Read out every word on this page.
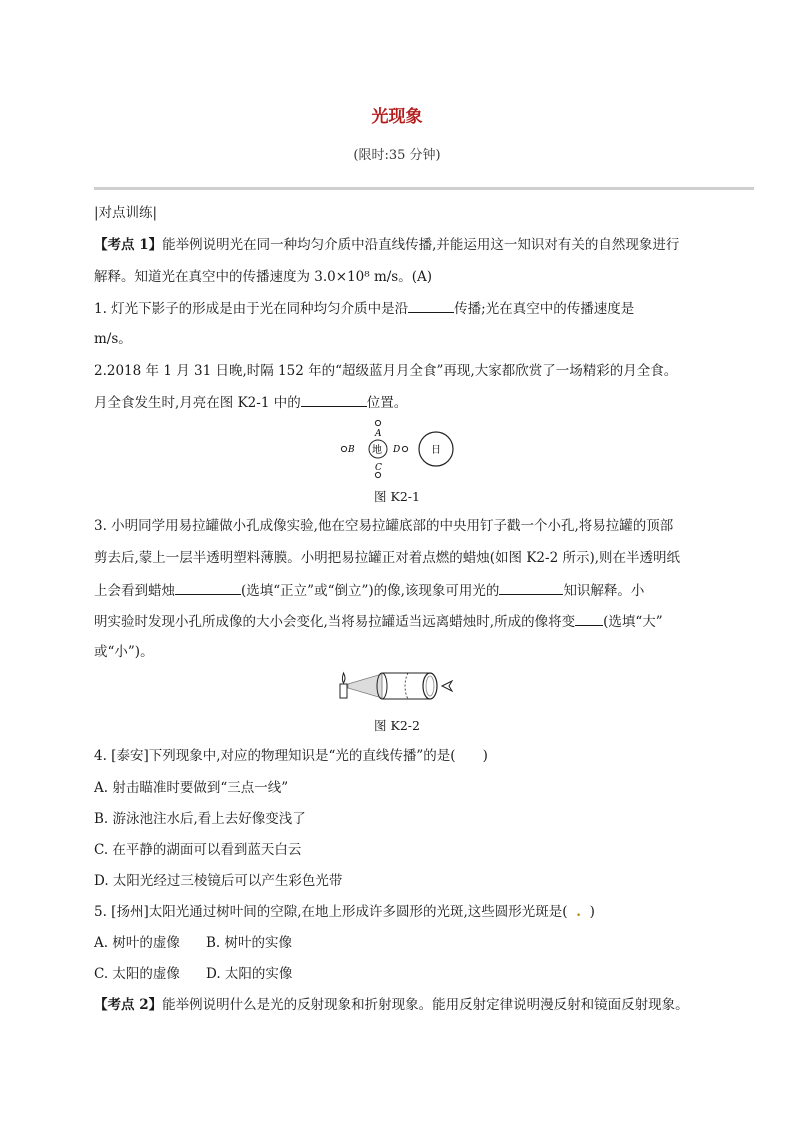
光现象
(限时:35 分钟)
|对点训练|
【考点 1】能举例说明光在同一种均匀介质中沿直线传播,并能运用这一知识对有关的自然现象进行
解释。知道光在真空中的传播速度为 3.0×10⁸ m/s。(A)
1. 灯光下影子的形成是由于光在同种均匀介质中是沿	传播;光在真空中的传播速度是
m/s。
2.2018 年 1 月 31 日晚,时隔 152 年的“超级蓝月月全食”再现,大家都欣赏了一场精彩的月全食。
月全食发生时,月亮在图 K2-1 中的	位置。
A
B 地 D
C
日
图 K2-1
3. 小明同学用易拉罐做小孔成像实验,他在空易拉罐底部的中央用钉子戳一个小孔,将易拉罐的顶部
剪去后,蒙上一层半透明塑料薄膜。小明把易拉罐正对着点燃的蜡烛(如图 K2-2 所示),则在半透明纸
上会看到蜡烛	(选填“正立”或“倒立”)的像,该现象可用光的	知识解释。小
明实验时发现小孔所成像的大小会变化,当将易拉罐适当远离蜡烛时,所成的像将变 (选填“大”
或“小”)。
图 K2-2
4. [泰安]下列现象中,对应的物理知识是“光的直线传播”的是(　　)
A. 射击瞄准时要做到“三点一线”
B. 游泳池注水后,看上去好像变浅了
C. 在平静的湖面可以看到蓝天白云
D. 太阳光经过三棱镜后可以产生彩色光带
5. [扬州]太阳光通过树叶间的空隙,在地上形成许多圆形的光斑,这些圆形光斑是( . )
A. 树叶的虚像 B. 树叶的实像
C. 太阳的虚像 D. 太阳的实像
【考点 2】能举例说明什么是光的反射现象和折射现象。能用反射定律说明漫反射和镜面反射现象。
